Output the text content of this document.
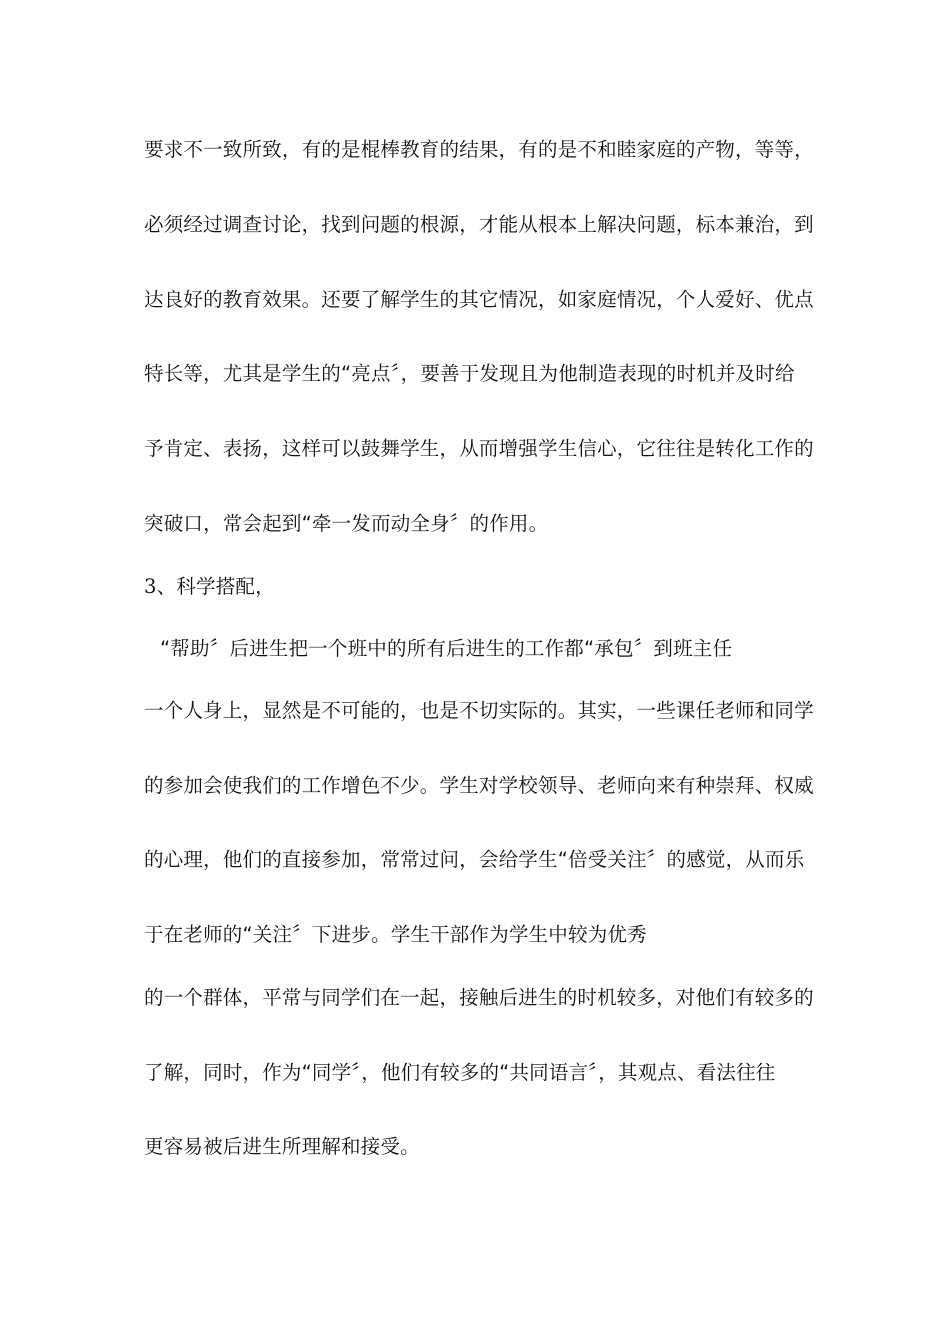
要求不一致所致，有的是棍棒教育的结果，有的是不和睦家庭的产物，等等，
必须经过调查讨论，找到问题的根源，才能从根本上解决问题，标本兼治，到
达良好的教育效果。还要了解学生的其它情况，如家庭情况，个人爱好、优点
特长等，尤其是学生的“亮点〞，要善于发现且为他制造表现的时机并及时给
予肯定、表扬，这样可以鼓舞学生，从而增强学生信心，它往往是转化工作的
突破口，常会起到“牵一发而动全身〞的作用。
3、科学搭配，
“帮助〞后进生把一个班中的所有后进生的工作都“承包〞到班主任
一个人身上，显然是不可能的，也是不切实际的。其实，一些课任老师和同学
的参加会使我们的工作增色不少。学生对学校领导、老师向来有种崇拜、权威
的心理，他们的直接参加，常常过问，会给学生“倍受关注〞的感觉，从而乐
于在老师的“关注〞下进步。学生干部作为学生中较为优秀
的一个群体，平常与同学们在一起，接触后进生的时机较多，对他们有较多的
了解，同时，作为“同学〞，他们有较多的“共同语言〞，其观点、看法往往
更容易被后进生所理解和接受。
